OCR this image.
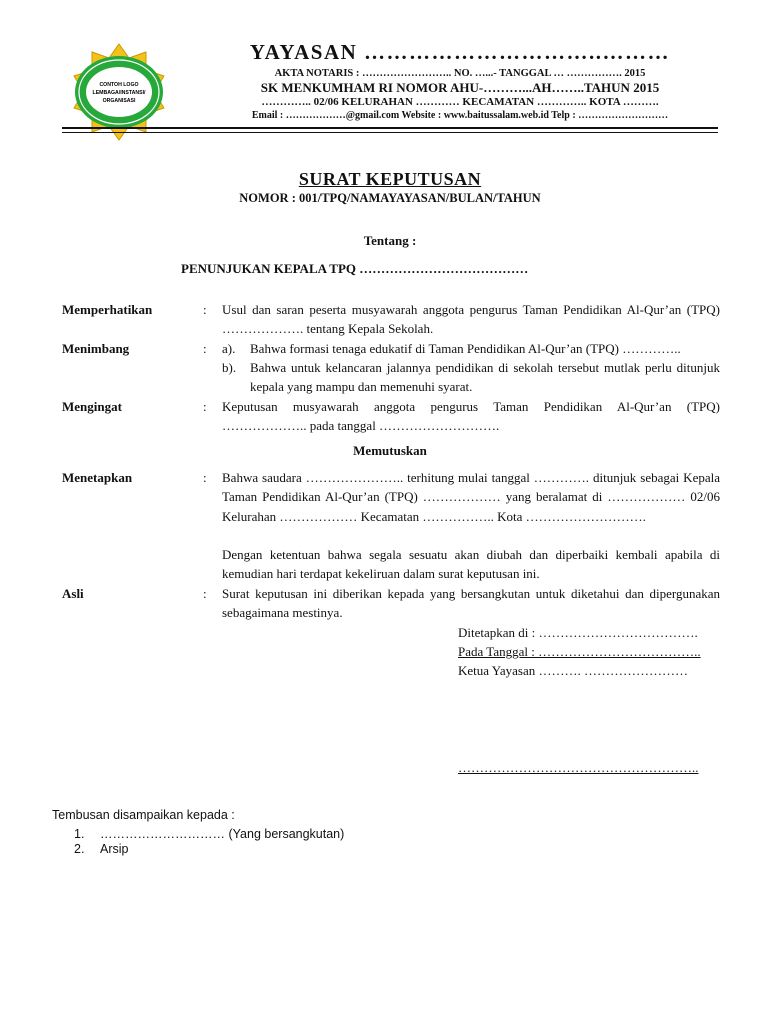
CONTOH LOGO
LEMBAGA/INSTANSI/
ORGANISASI
YAYASAN …………………………..………
AKTA NOTARIS : …………………….. NO. …...- TANGGAL … ……………. 2015
SK MENKUMHAM RI NOMOR AHU-………...AH……..TAHUN 2015
………….. 02/06 KELURAHAN ………… KECAMATAN ………….. KOTA ……….
Email : ………………@gmail.com Website : www.baitussalam.web.id Telp : ………………………
SURAT KEPUTUSAN
NOMOR : 001/TPQ/NAMAYAYASAN/BULAN/TAHUN
Tentang :
PENUNJUKAN KEPALA TPQ …………………………………
Memperhatikan	: Usul dan saran peserta musyawarah anggota pengurus Taman Pendidikan Al-Qur’an (TPQ) ………………. tentang Kepala Sekolah.
Menimbang	: a). Bahwa formasi tenaga edukatif di Taman Pendidikan Al-Qur’an (TPQ) …………..
b). Bahwa untuk kelancaran jalannya pendidikan di sekolah tersebut mutlak perlu ditunjuk kepala yang mampu dan memenuhi syarat.
Mengingat	: Keputusan musyawarah anggota pengurus Taman Pendidikan Al-Qur’an (TPQ) ……………….. pada tanggal ……………………….
Memutuskan
Menetapkan	: Bahwa saudara ………………….. terhitung mulai tanggal …………. ditunjuk sebagai Kepala Taman Pendidikan Al-Qur’an (TPQ) ……………… yang beralamat di ……………… 02/06 Kelurahan ……………… Kecamatan …………….. Kota ……………………….
Dengan ketentuan bahwa segala sesuatu akan diubah dan diperbaiki kembali apabila di kemudian hari terdapat kekeliruan dalam surat keputusan ini.
Asli	: Surat keputusan ini diberikan kepada yang bersangkutan untuk diketahui dan dipergunakan sebagaimana mestinya.
Ditetapkan di : ……………………………….
Pada Tanggal : ………………………………..
Ketua Yayasan ………. ……………………
………………………………………………..
Tembusan disampaikan kepada :
1. ………………………… (Yang bersangkutan)
2. Arsip
